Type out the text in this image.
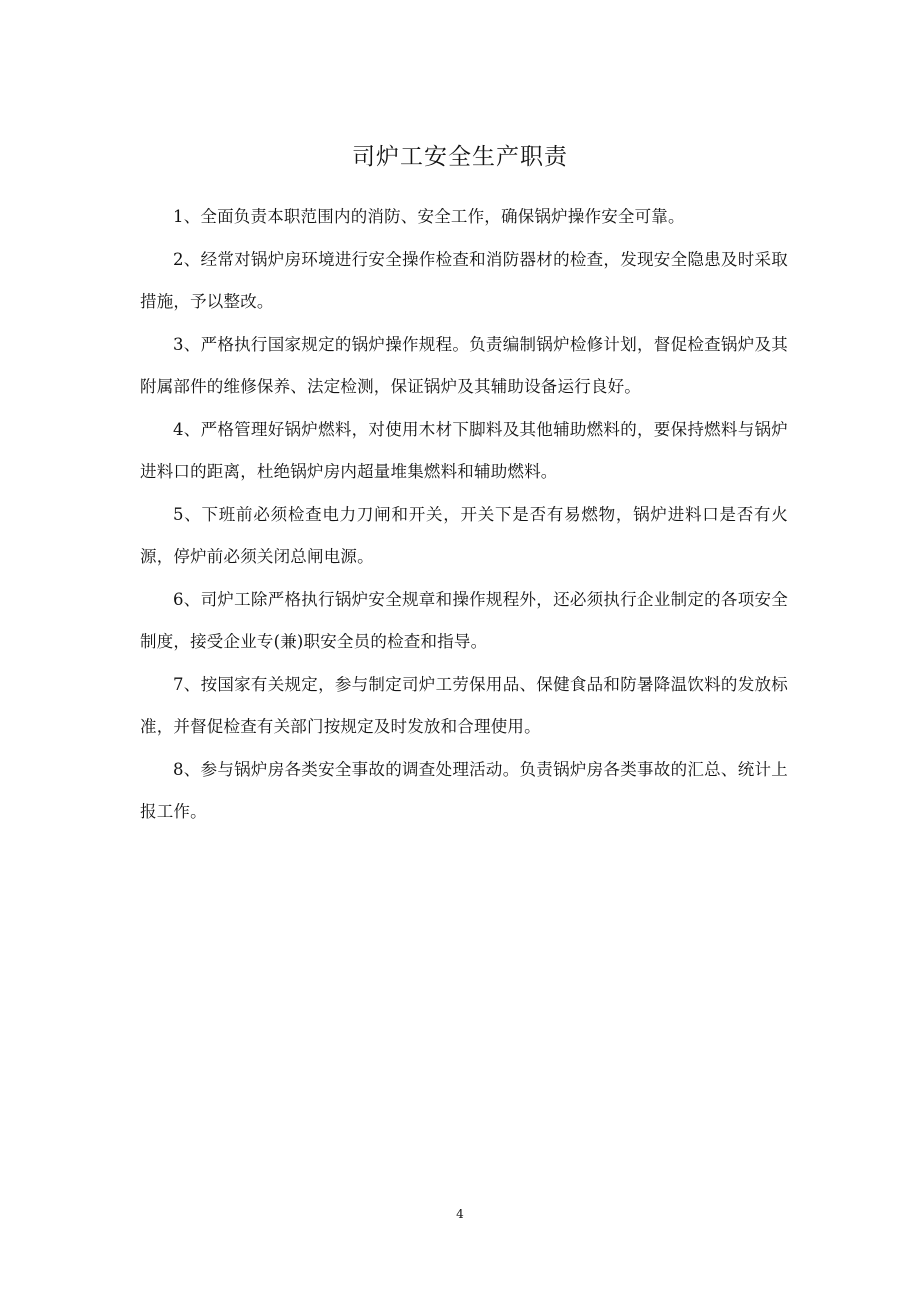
司炉工安全生产职责

1、全面负责本职范围内的消防、安全工作，确保锅炉操作安全可靠。

2、经常对锅炉房环境进行安全操作检查和消防器材的检查，发现安全隐患及时采取措施，予以整改。

3、严格执行国家规定的锅炉操作规程。负责编制锅炉检修计划，督促检查锅炉及其附属部件的维修保养、法定检测，保证锅炉及其辅助设备运行良好。

4、严格管理好锅炉燃料，对使用木材下脚料及其他辅助燃料的，要保持燃料与锅炉进料口的距离，杜绝锅炉房内超量堆集燃料和辅助燃料。

5、下班前必须检查电力刀闸和开关，开关下是否有易燃物，锅炉进料口是否有火源，停炉前必须关闭总闸电源。

6、司炉工除严格执行锅炉安全规章和操作规程外，还必须执行企业制定的各项安全制度，接受企业专(兼)职安全员的检查和指导。

7、按国家有关规定，参与制定司炉工劳保用品、保健食品和防暑降温饮料的发放标准，并督促检查有关部门按规定及时发放和合理使用。

8、参与锅炉房各类安全事故的调查处理活动。负责锅炉房各类事故的汇总、统计上报工作。

4
